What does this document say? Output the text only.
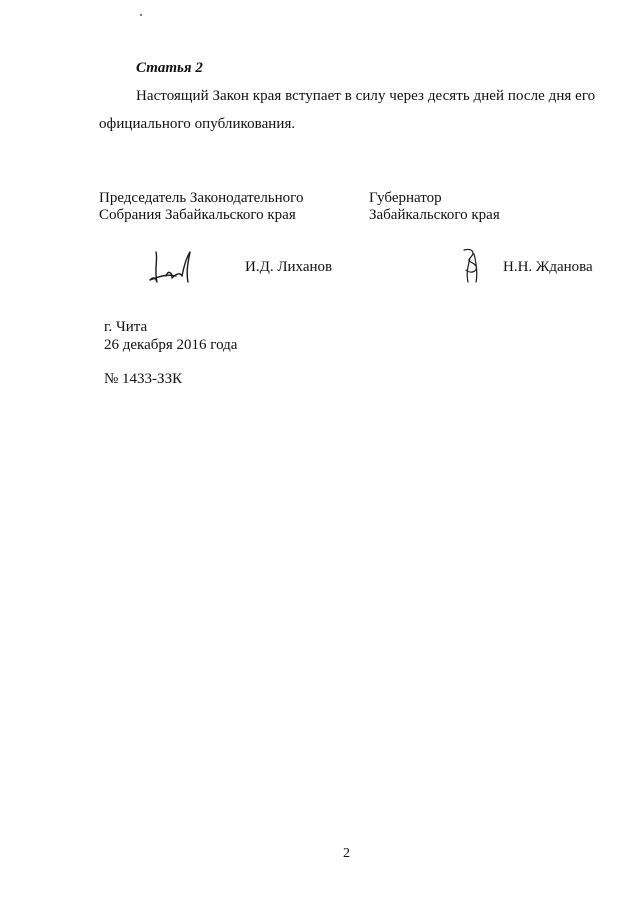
Статья 2
Настоящий Закон края вступает в силу через десять дней после дня его
официального опубликования.
Председатель Законодательного
Собрания Забайкальского края
И.Д. Лиханов
Губернатор
Забайкальского края
Н.Н. Жданова
г. Чита
26 декабря 2016 года
№ 1433-ЗЗК
2
